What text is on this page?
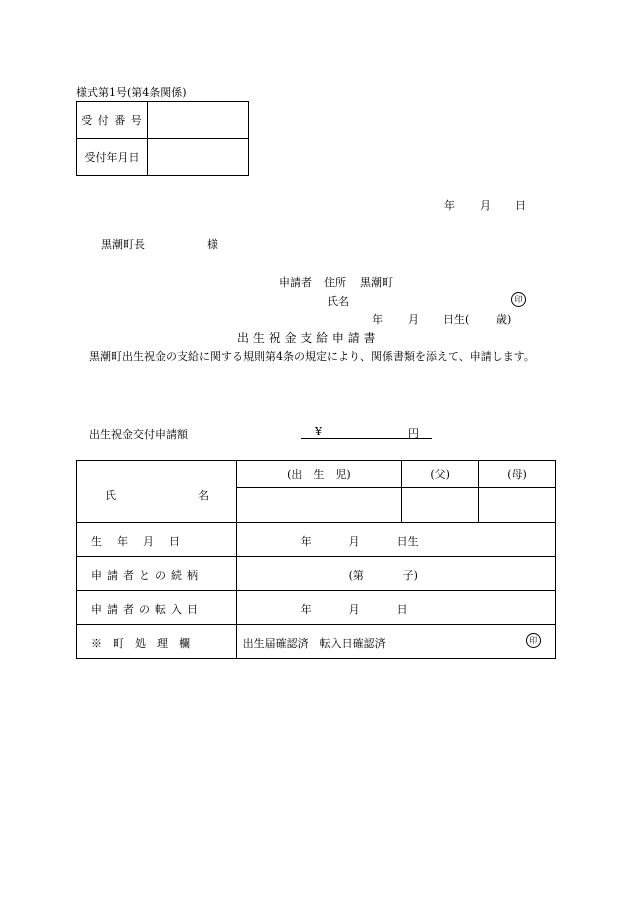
様式第1号(第4条関係)
受 付 番 号	
受付年月日	
年 月 日
黒潮町長	様
申請者 住所 黒潮町
氏名	印
年 月 日生( 歳)
出 生 祝 金 支 給 申 請 書
黒潮町出生祝金の支給に関する規則第4条の規定により、関係書類を添えて、申請します。
出生祝金交付申請額	¥	円
氏 名	(出　生　児)	(父)	(母)

生　年　月　日	年 月 日生		

申請者との続柄	(第 子)		

申請者の転入日	年 月 日		

※　町　処　理　欄	出生届確認済　転入日確認済 印		
